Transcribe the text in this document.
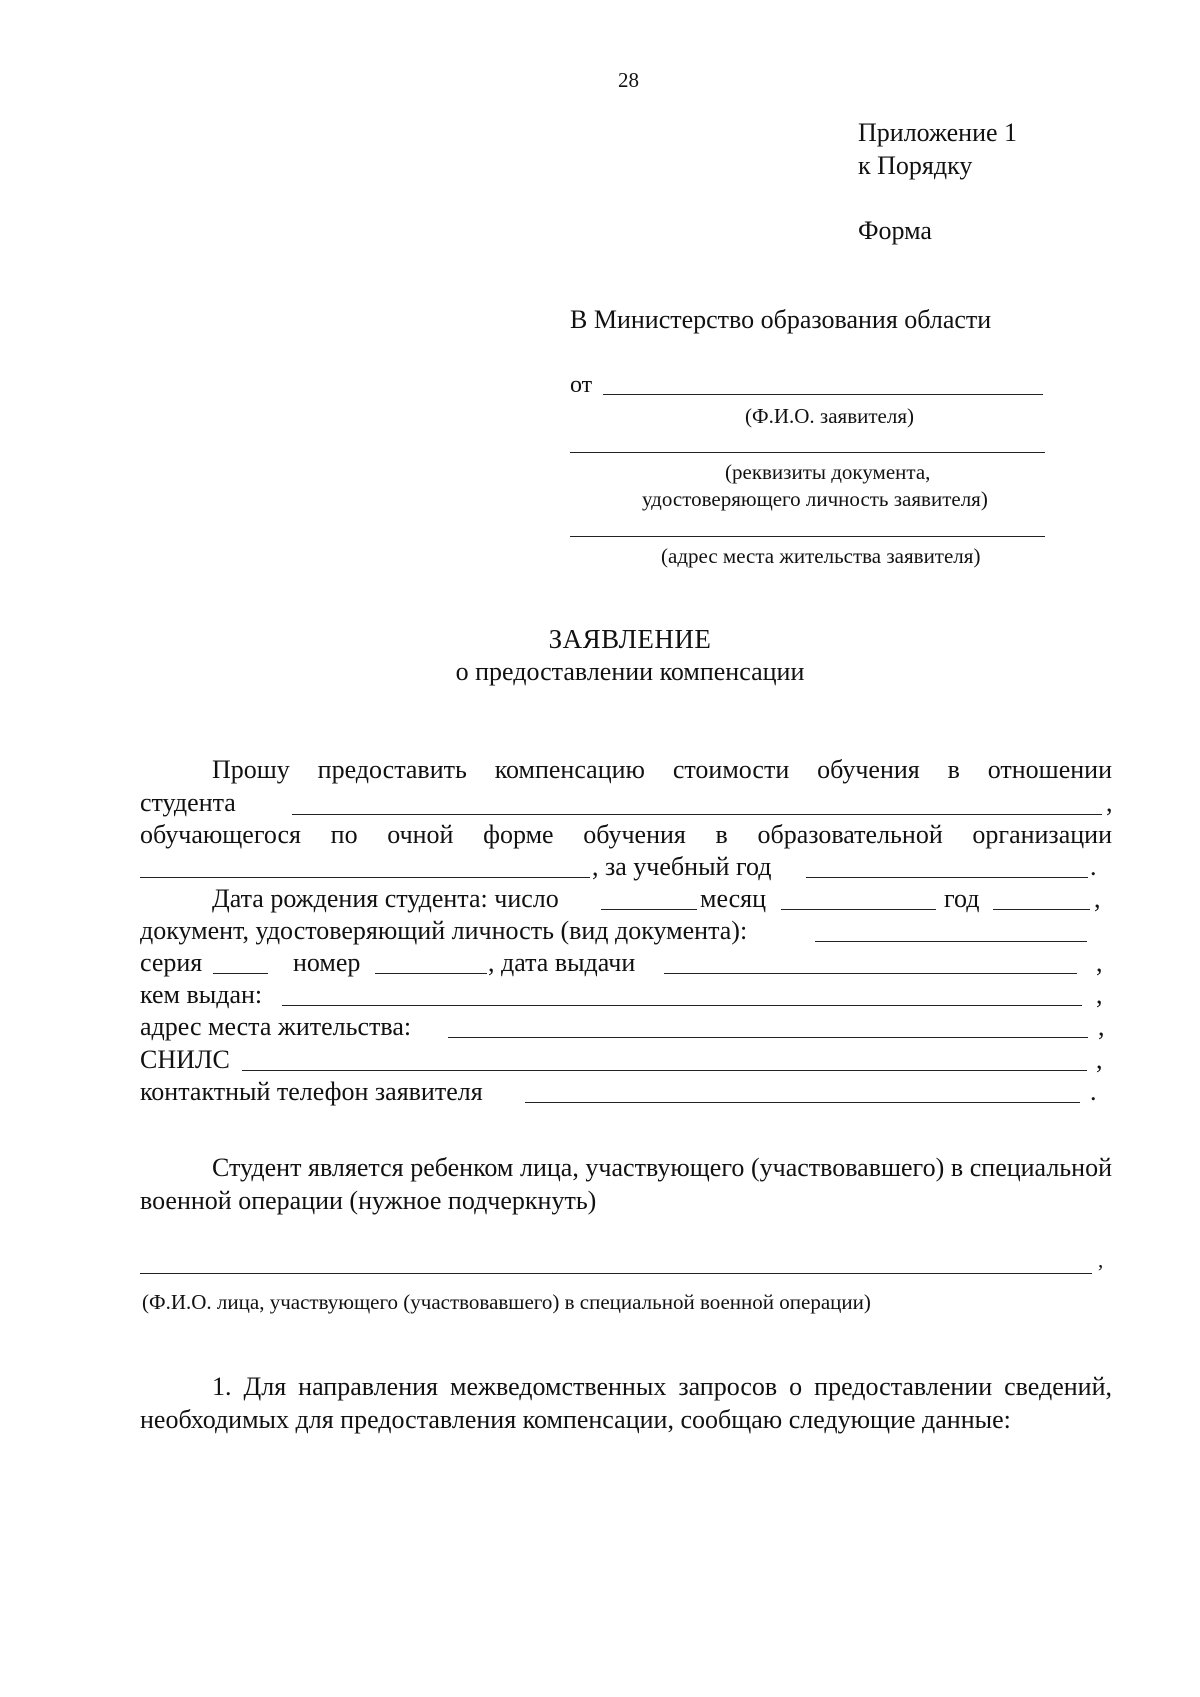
28
Приложение 1
к Порядку
Форма
В Министерство образования области
от
(Ф.И.О. заявителя)
(реквизиты документа,
удостоверяющего личность заявителя)
(адрес места жительства заявителя)
ЗАЯВЛЕНИЕ
о предоставлении компенсации
Прошу предоставить компенсацию стоимости обучения в отношении
студента	,
обучающегося по очной форме обучения в образовательной организации
, за учебный год	.
Дата рождения студента: число	месяц	год	,
документ, удостоверяющий личность (вид документа):
серия	номер	, дата выдачи	,
кем выдан:	,
адрес места жительства:	,
СНИЛС	,
контактный телефон заявителя	.
Студент является ребенком лица, участвующего (участвовавшего) в специальной военной операции (нужное подчеркнуть)
,
(Ф.И.О. лица, участвующего (участвовавшего) в специальной военной операции)
1. Для направления межведомственных запросов о предоставлении сведений, необходимых для предоставления компенсации, сообщаю следующие данные:
